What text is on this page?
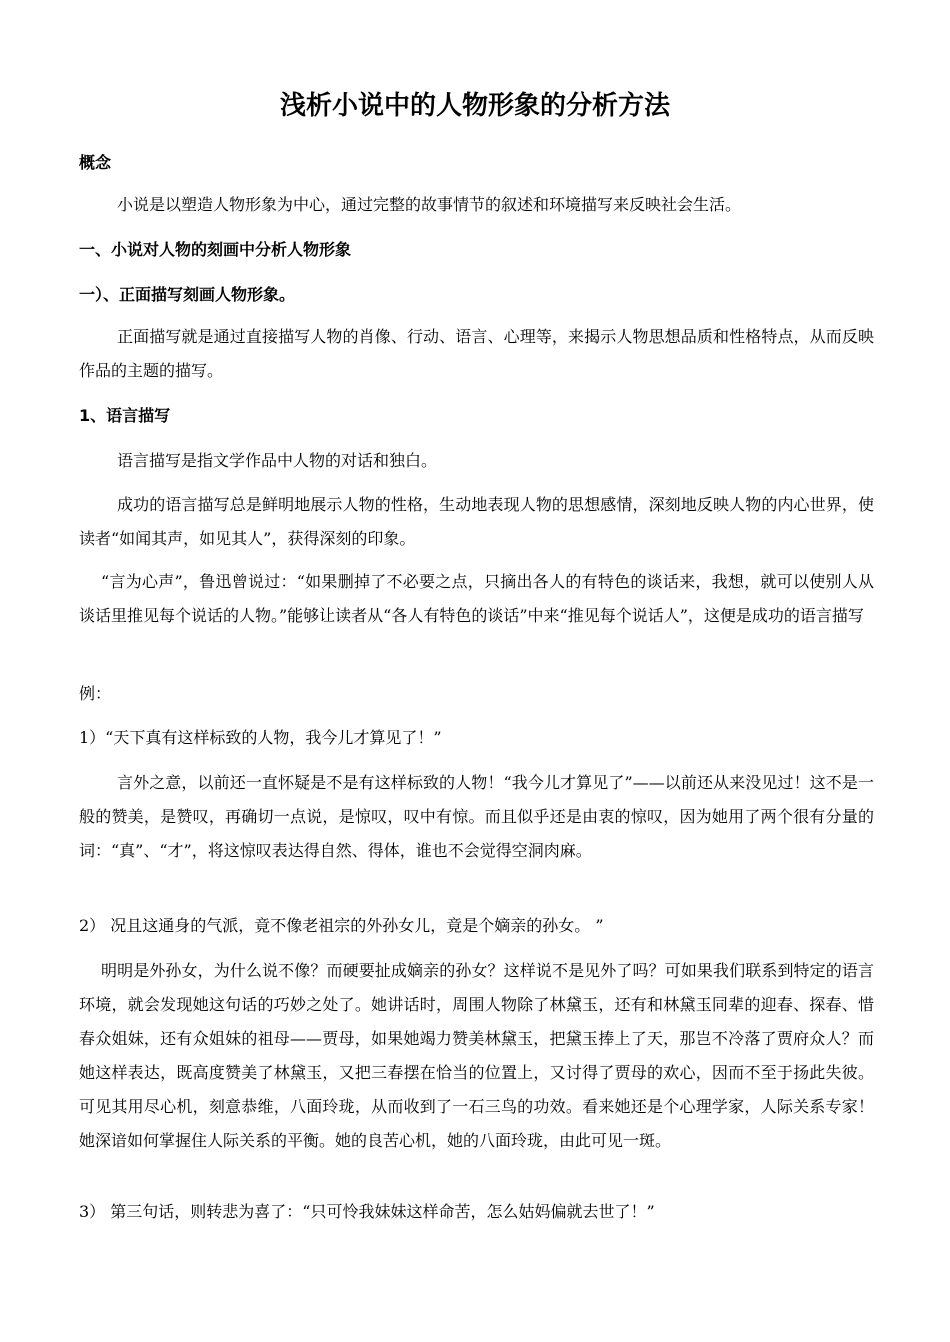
浅析小说中的人物形象的分析方法
概念
小说是以塑造人物形象为中心，通过完整的故事情节的叙述和环境描写来反映社会生活。
一、小说对人物的刻画中分析人物形象
一）、正面描写刻画人物形象。
正面描写就是通过直接描写人物的肖像、行动、语言、心理等，来揭示人物思想品质和性格特点，从而反映作品的主题的描写。
1、语言描写
语言描写是指文学作品中人物的对话和独白。
成功的语言描写总是鲜明地展示人物的性格，生动地表现人物的思想感情，深刻地反映人物的内心世界，使读者“如闻其声，如见其人”，获得深刻的印象。
“言为心声”，鲁迅曾说过：“如果删掉了不必要之点，只摘出各人的有特色的谈话来，我想，就可以使别人从谈话里推见每个说话的人物。”能够让读者从“各人有特色的谈话”中来“推见每个说话人”，这便是成功的语言描写
例：
1）“天下真有这样标致的人物，我今儿才算见了！”
言外之意，以前还一直怀疑是不是有这样标致的人物！“我今儿才算见了”——以前还从来没见过！这不是一般的赞美，是赞叹，再确切一点说，是惊叹，叹中有惊。而且似乎还是由衷的惊叹，因为她用了两个很有分量的词：“真”、“才”，将这惊叹表达得自然、得体，谁也不会觉得空洞肉麻。
2） 况且这通身的气派，竟不像老祖宗的外孙女儿，竟是个嫡亲的孙女。 ”
明明是外孙女，为什么说不像？而硬要扯成嫡亲的孙女？这样说不是见外了吗？可如果我们联系到特定的语言环境，就会发现她这句话的巧妙之处了。她讲话时，周围人物除了林黛玉，还有和林黛玉同辈的迎春、探春、惜春众姐妹，还有众姐妹的祖母——贾母，如果她竭力赞美林黛玉，把黛玉捧上了天，那岂不冷落了贾府众人？而她这样表达，既高度赞美了林黛玉，又把三春摆在恰当的位置上，又讨得了贾母的欢心，因而不至于扬此失彼。可见其用尽心机，刻意恭维，八面玲珑，从而收到了一石三鸟的功效。看来她还是个心理学家，人际关系专家！她深谙如何掌握住人际关系的平衡。她的良苦心机，她的八面玲珑，由此可见一斑。
3） 第三句话，则转悲为喜了：“只可怜我妹妹这样命苦，怎么姑妈偏就去世了！”
